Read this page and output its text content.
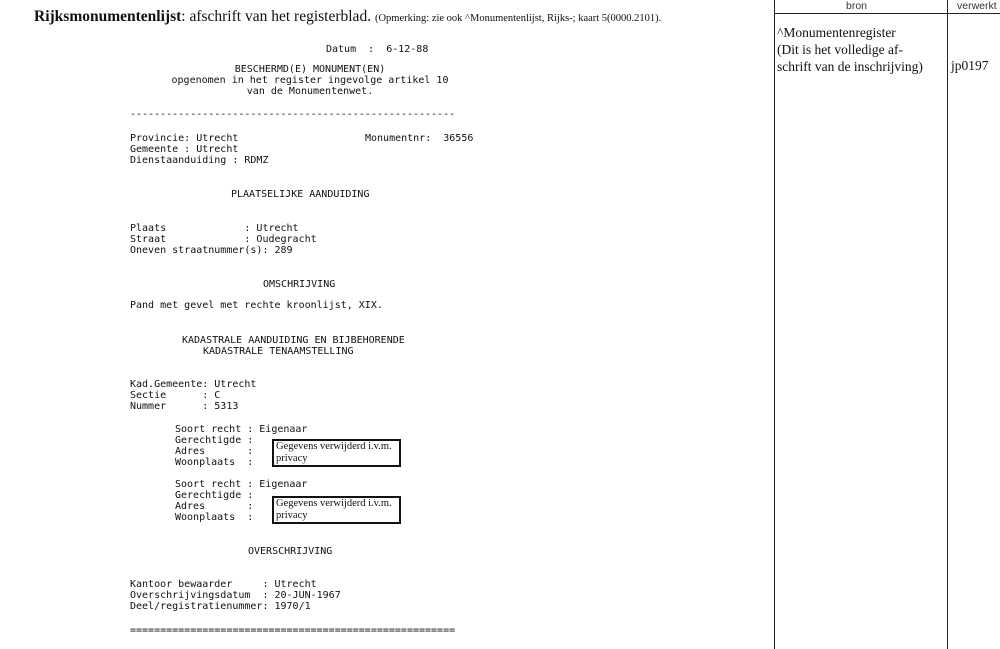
Rijksmonumentenlijst: afschrift van het registerblad. (Opmerking: zie ook ^Monumentenlijst, Rijks-; kaart 5(0000.2101).
bron	verwerkt
^Monumentenregister
(Dit is het volledige af-
schrift van de inschrijving)	jp0197
Datum  :  6-12-88
BESCHERMD(E) MONUMENT(EN)
opgenomen in het register ingevolge artikel 10
van de Monumentenwet.
------------------------------------------------------
Provincie: Utrecht	Monumentnr:  36556
Gemeente : Utrecht
Dienstaanduiding : RDMZ
PLAATSELIJKE AANDUIDING
Plaats             : Utrecht
Straat             : Oudegracht
Oneven straatnummer(s): 289
OMSCHRIJVING
Pand met gevel met rechte kroonlijst, XIX.
KADASTRALE AANDUIDING EN BIJBEHORENDE
KADASTRALE TENAAMSTELLING
Kad.Gemeente: Utrecht
Sectie      : C
Nummer      : 5313
Soort recht : Eigenaar
Gerechtigde :
Adres       :
Woonplaats  :
Gegevens verwijderd i.v.m.
privacy
Soort recht : Eigenaar
Gerechtigde :
Adres       :
Woonplaats  :
Gegevens verwijderd i.v.m.
privacy
OVERSCHRIJVING
Kantoor bewaarder     : Utrecht
Overschrijvingsdatum  : 20-JUN-1967
Deel/registratienummer: 1970/1
======================================================
